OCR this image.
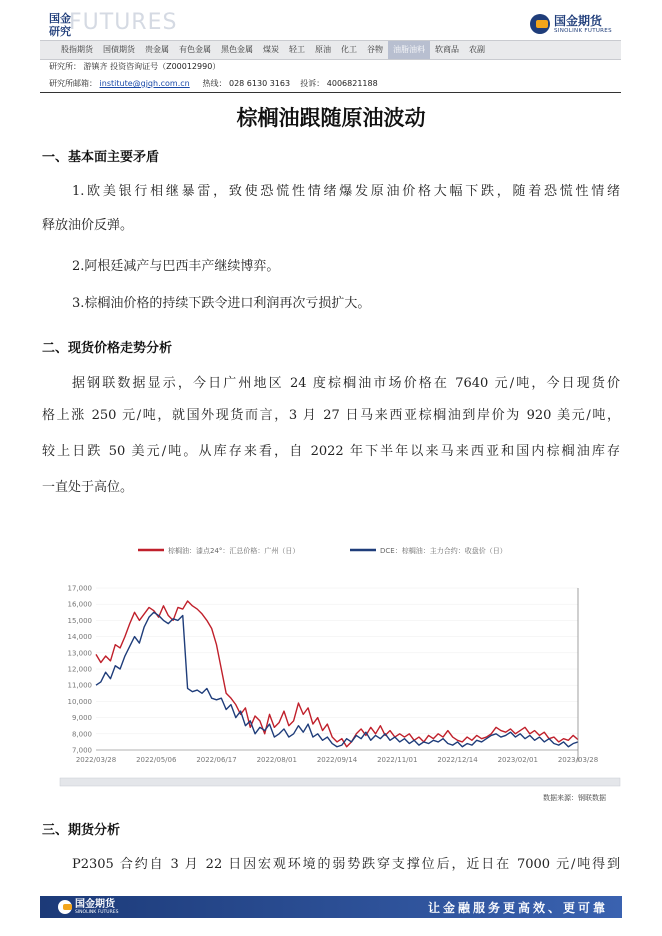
国金
研究
FUTURES	国金期货
SINOLINK FUTURES
股指期货	国债期货	贵金属	有色金属	黑色金属	煤炭	轻工	原油	化工	谷物	油脂油料	软商品	农副
研究所： 游镇齐 投资咨询证号（Z00012990）
研究所邮箱： institute@gjqh.com.cn 热线： 028 6130 3163 投诉： 4006821188
棕榈油跟随原油波动
一、基本面主要矛盾
1.欧美银行相继暴雷，致使恐慌性情绪爆发原油价格大幅下跌，随着恐慌性情绪
释放油价反弹。
2.阿根廷减产与巴西丰产继续博弈。
3.棕榈油价格的持续下跌令进口利润再次亏损扩大。
二、现货价格走势分析
据钢联数据显示，今日广州地区 24 度棕榈油市场价格在 7640 元/吨，今日现货价
格上涨 250 元/吨，就国外现货而言，3 月 27 日马来西亚棕榈油到岸价为 920 美元/吨，
较上日跌 50 美元/吨。从库存来看，自 2022 年下半年以来马来西亚和国内棕榈油库存
一直处于高位。
棕榈油：漆点24°：汇总价格：广州（日）	DCE：棕榈油：主力合约：收盘价（日）
17,000
16,000
15,000
14,000
13,000
12,000
11,000
10,000
9,000
8,000
7,000
2022/03/28	2022/05/06	2022/06/17	2022/08/01	2022/09/14	2022/11/01	2022/12/14	2023/02/01	2023/03/28
数据来源：钢联数据
三、期货分析
P2305 合约自 3 月 22 日因宏观环境的弱势跌穿支撑位后，近日在 7000 元/吨得到
国金期货
SINOLINK FUTURES	让金融服务更高效、更可靠
